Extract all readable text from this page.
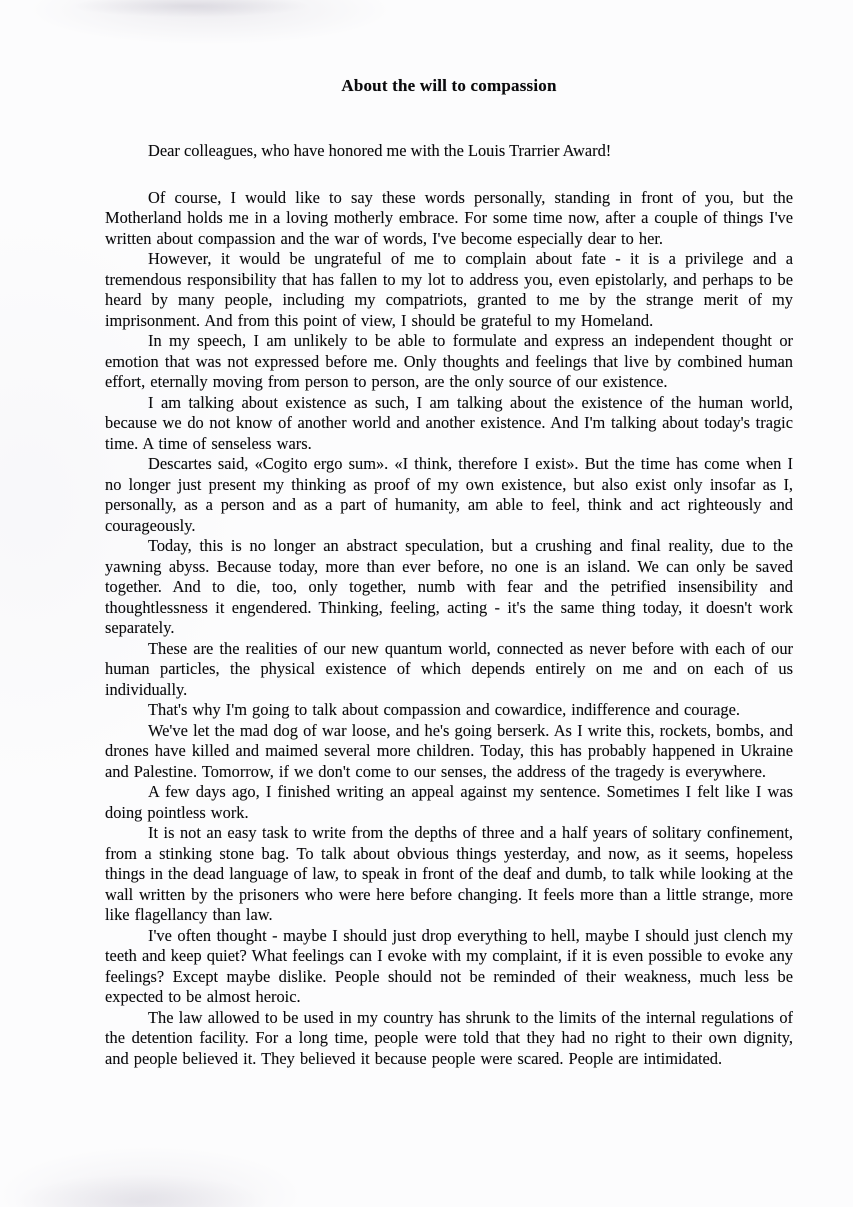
About the will to compassion

Dear colleagues, who have honored me with the Louis Trarrier Award!

Of course, I would like to say these words personally, standing in front of you, but the Motherland holds me in a loving motherly embrace. For some time now, after a couple of things I've written about compassion and the war of words, I've become especially dear to her.

However, it would be ungrateful of me to complain about fate - it is a privilege and a tremendous responsibility that has fallen to my lot to address you, even epistolarly, and perhaps to be heard by many people, including my compatriots, granted to me by the strange merit of my imprisonment. And from this point of view, I should be grateful to my Homeland.

In my speech, I am unlikely to be able to formulate and express an independent thought or emotion that was not expressed before me. Only thoughts and feelings that live by combined human effort, eternally moving from person to person, are the only source of our existence.

I am talking about existence as such, I am talking about the existence of the human world, because we do not know of another world and another existence. And I'm talking about today's tragic time. A time of senseless wars.

Descartes said, «Cogito ergo sum». «I think, therefore I exist». But the time has come when I no longer just present my thinking as proof of my own existence, but also exist only insofar as I, personally, as a person and as a part of humanity, am able to feel, think and act righteously and courageously.

Today, this is no longer an abstract speculation, but a crushing and final reality, due to the yawning abyss. Because today, more than ever before, no one is an island. We can only be saved together. And to die, too, only together, numb with fear and the petrified insensibility and thoughtlessness it engendered. Thinking, feeling, acting - it's the same thing today, it doesn't work separately.

These are the realities of our new quantum world, connected as never before with each of our human particles, the physical existence of which depends entirely on me and on each of us individually.

That's why I'm going to talk about compassion and cowardice, indifference and courage.

We've let the mad dog of war loose, and he's going berserk. As I write this, rockets, bombs, and drones have killed and maimed several more children. Today, this has probably happened in Ukraine and Palestine. Tomorrow, if we don't come to our senses, the address of the tragedy is everywhere.

A few days ago, I finished writing an appeal against my sentence. Sometimes I felt like I was doing pointless work.

It is not an easy task to write from the depths of three and a half years of solitary confinement, from a stinking stone bag. To talk about obvious things yesterday, and now, as it seems, hopeless things in the dead language of law, to speak in front of the deaf and dumb, to talk while looking at the wall written by the prisoners who were here before changing. It feels more than a little strange, more like flagellancy than law.

I've often thought - maybe I should just drop everything to hell, maybe I should just clench my teeth and keep quiet? What feelings can I evoke with my complaint, if it is even possible to evoke any feelings? Except maybe dislike. People should not be reminded of their weakness, much less be expected to be almost heroic.

The law allowed to be used in my country has shrunk to the limits of the internal regulations of the detention facility. For a long time, people were told that they had no right to their own dignity, and people believed it. They believed it because people were scared. People are intimidated.
